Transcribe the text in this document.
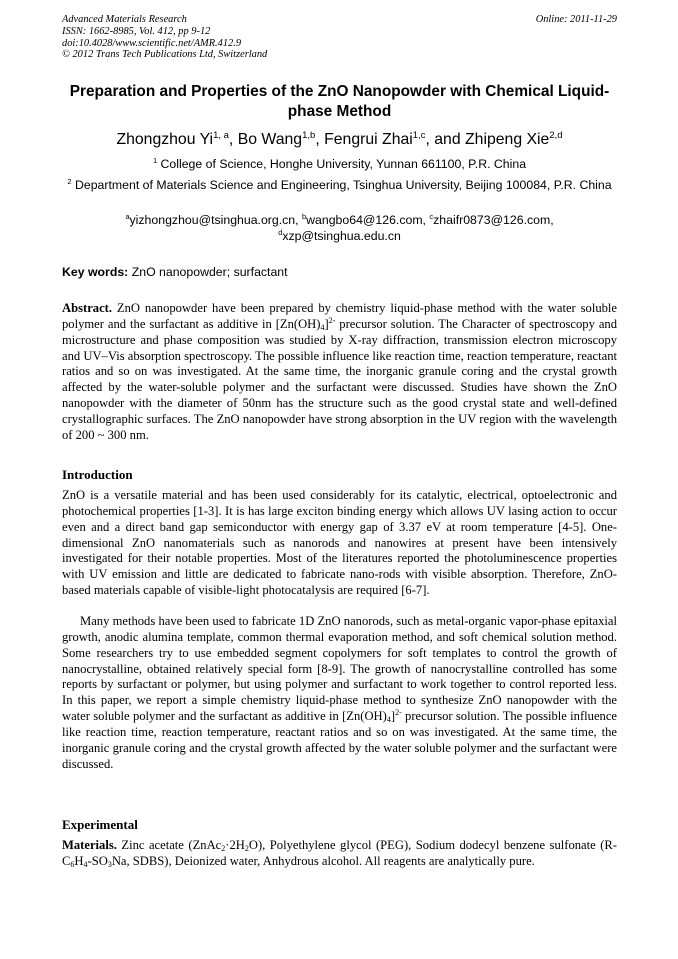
Advanced Materials Research
ISSN: 1662-8985, Vol. 412, pp 9-12
doi:10.4028/www.scientific.net/AMR.412.9
© 2012 Trans Tech Publications Ltd, Switzerland
Online: 2011-11-29
Preparation and Properties of the ZnO Nanopowder with Chemical Liquid-phase Method
Zhongzhou Yi$^{1, a}$, Bo Wang$^{1,b}$, Fengrui Zhai$^{1,c}$, and Zhipeng Xie$^{2,d}$
$^1$ College of Science, Honghe University, Yunnan 661100, P.R. China
$^2$ Department of Materials Science and Engineering, Tsinghua University, Beijing 100084, P.R. China
$^a$yizhongzhou@tsinghua.org.cn, $^b$wangbo64@126.com, $^c$zhaifr0873@126.com,
$^d$xzp@tsinghua.edu.cn
Key words: ZnO nanopowder; surfactant
Abstract. ZnO nanopowder have been prepared by chemistry liquid-phase method with the water soluble polymer and the surfactant as additive in $[Zn(OH)_4]^{2-}$ precursor solution. The Character of spectroscopy and microstructure and phase composition was studied by X-ray diffraction, transmission electron microscopy and UV–Vis absorption spectroscopy. The possible influence like reaction time, reaction temperature, reactant ratios and so on was investigated. At the same time, the inorganic granule coring and the crystal growth affected by the water-soluble polymer and the surfactant were discussed. Studies have shown the ZnO nanopowder with the diameter of 50nm has the structure such as the good crystal state and well-defined crystallographic surfaces. The ZnO nanopowder have strong absorption in the UV region with the wavelength of 200 ~ 300 nm.
Introduction
ZnO is a versatile material and has been used considerably for its catalytic, electrical, optoelectronic and photochemical properties [1-3]. It is has large exciton binding energy which allows UV lasing action to occur even and a direct band gap semiconductor with energy gap of 3.37 eV at room temperature [4-5]. One-dimensional ZnO nanomaterials such as nanorods and nanowires at present have been intensively investigated for their notable properties. Most of the literatures reported the photoluminescence properties with UV emission and little are dedicated to fabricate nano-rods with visible absorption. Therefore, ZnO-based materials capable of visible-light photocatalysis are required [6-7].
Many methods have been used to fabricate 1D ZnO nanorods, such as metal-organic vapor-phase epitaxial growth, anodic alumina template, common thermal evaporation method, and soft chemical solution method. Some researchers try to use embedded segment copolymers for soft templates to control the growth of nanocrystalline, obtained relatively special form [8-9]. The growth of nanocrystalline controlled has some reports by surfactant or polymer, but using polymer and surfactant to work together to control reported less. In this paper, we report a simple chemistry liquid-phase method to synthesize ZnO nanopowder with the water soluble polymer and the surfactant as additive in $[Zn(OH)_4]^{2-}$ precursor solution. The possible influence like reaction time, reaction temperature, reactant ratios and so on was investigated. At the same time, the inorganic granule coring and the crystal growth affected by the water soluble polymer and the surfactant were discussed.
Experimental
Materials. Zinc acetate $(ZnAc_2\cdot 2H_2O)$, Polyethylene glycol (PEG), Sodium dodecyl benzene sulfonate ($R-C_6H_4-SO_3Na$, SDBS), Deionized water, Anhydrous alcohol. All reagents are analytically pure.
